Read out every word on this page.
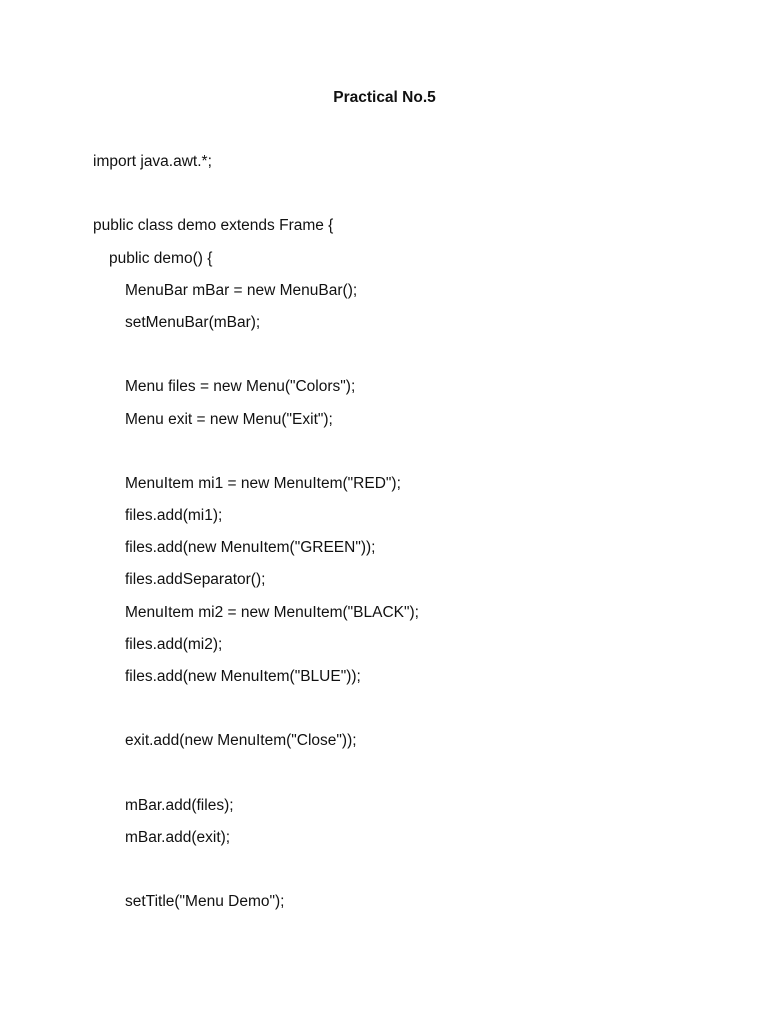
Practical No.5
import java.awt.*;
public class demo extends Frame {
public demo() {
MenuBar mBar = new MenuBar();
setMenuBar(mBar);
Menu files = new Menu("Colors");
Menu exit = new Menu("Exit");
MenuItem mi1 = new MenuItem("RED");
files.add(mi1);
files.add(new MenuItem("GREEN"));
files.addSeparator();
MenuItem mi2 = new MenuItem("BLACK");
files.add(mi2);
files.add(new MenuItem("BLUE"));
exit.add(new MenuItem("Close"));
mBar.add(files);
mBar.add(exit);
setTitle("Menu Demo");
